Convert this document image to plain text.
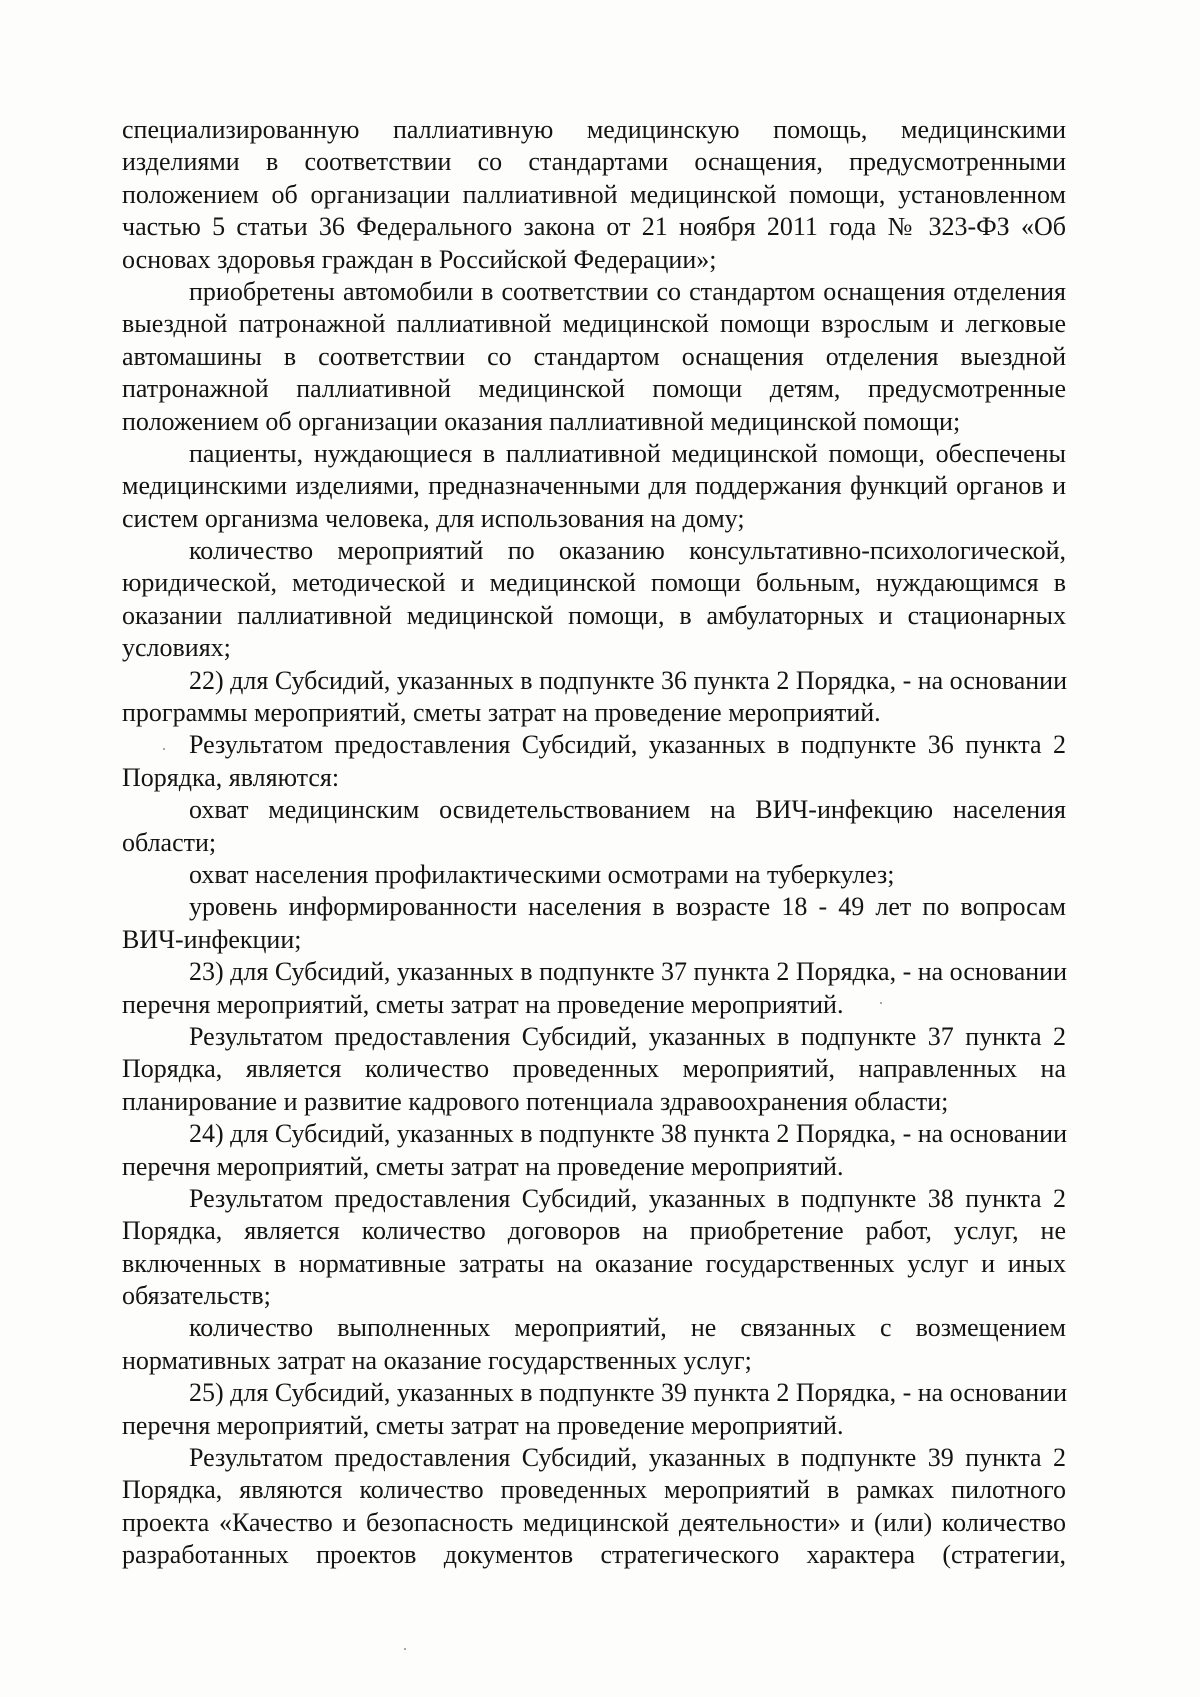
специализированную паллиативную медицинскую помощь, медицинскими
изделиями в соответствии со стандартами оснащения, предусмотренными
положением об организации паллиативной медицинской помощи, установленном
частью 5 статьи 36 Федерального закона от 21 ноября 2011 года № 323-ФЗ «Об
основах здоровья граждан в Российской Федерации»;
приобретены автомобили в соответствии со стандартом оснащения отделения
выездной патронажной паллиативной медицинской помощи взрослым и легковые
автомашины в соответствии со стандартом оснащения отделения выездной
патронажной паллиативной медицинской помощи детям, предусмотренные
положением об организации оказания паллиативной медицинской помощи;
пациенты, нуждающиеся в паллиативной медицинской помощи, обеспечены
медицинскими изделиями, предназначенными для поддержания функций органов и
систем организма человека, для использования на дому;
количество мероприятий по оказанию консультативно-психологической,
юридической, методической и медицинской помощи больным, нуждающимся в
оказании паллиативной медицинской помощи, в амбулаторных и стационарных
условиях;
22) для Субсидий, указанных в подпункте 36 пункта 2 Порядка, - на основании
программы мероприятий, сметы затрат на проведение мероприятий.
Результатом предоставления Субсидий, указанных в подпункте 36 пункта 2
Порядка, являются:
охват медицинским освидетельствованием на ВИЧ-инфекцию населения
области;
охват населения профилактическими осмотрами на туберкулез;
уровень информированности населения в возрасте 18 - 49 лет по вопросам
ВИЧ-инфекции;
23) для Субсидий, указанных в подпункте 37 пункта 2 Порядка, - на основании
перечня мероприятий, сметы затрат на проведение мероприятий.
Результатом предоставления Субсидий, указанных в подпункте 37 пункта 2
Порядка, является количество проведенных мероприятий, направленных на
планирование и развитие кадрового потенциала здравоохранения области;
24) для Субсидий, указанных в подпункте 38 пункта 2 Порядка, - на основании
перечня мероприятий, сметы затрат на проведение мероприятий.
Результатом предоставления Субсидий, указанных в подпункте 38 пункта 2
Порядка, является количество договоров на приобретение работ, услуг, не
включенных в нормативные затраты на оказание государственных услуг и иных
обязательств;
количество выполненных мероприятий, не связанных с возмещением
нормативных затрат на оказание государственных услуг;
25) для Субсидий, указанных в подпункте 39 пункта 2 Порядка, - на основании
перечня мероприятий, сметы затрат на проведение мероприятий.
Результатом предоставления Субсидий, указанных в подпункте 39 пункта 2
Порядка, являются количество проведенных мероприятий в рамках пилотного
проекта «Качество и безопасность медицинской деятельности» и (или) количество
разработанных проектов документов стратегического характера (стратегии,
